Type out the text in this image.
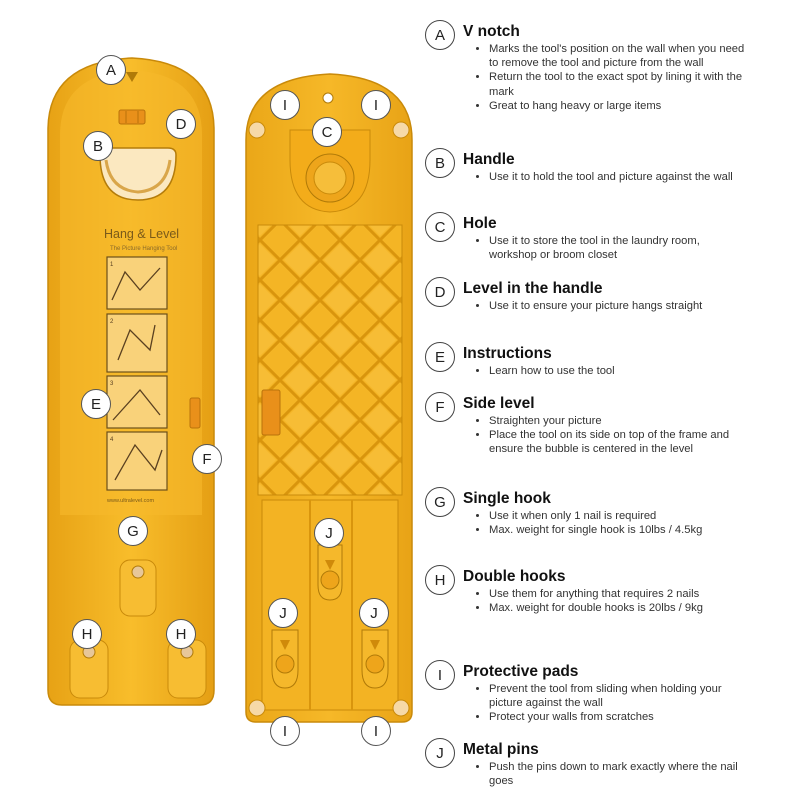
Hang & Level
The Picture Hanging Tool
1
2
3
4
www.ultralevel.com
A
B
D
E
F
G
H	H
I	I
C
J
J	J
I	I
A	V notch
• Marks the tool's position on the wall when you need to remove the tool and picture from the wall
• Return the tool to the exact spot by lining it with the mark
• Great to hang heavy or large items
B	Handle
• Use it to hold the tool and picture against the wall
C	Hole
• Use it to store the tool in the laundry room, workshop or broom closet
D	Level in the handle
• Use it to ensure your picture hangs straight
E	Instructions
• Learn how to use the tool
F	Side level
• Straighten your picture
• Place the tool on its side on top of the frame and ensure the bubble is centered in the level
G	Single hook
• Use it when only 1 nail is required
• Max. weight for single hook is 10lbs / 4.5kg
H	Double hooks
• Use them for anything that requires 2 nails
• Max. weight for double hooks is 20lbs / 9kg
I	Protective pads
• Prevent the tool from sliding when holding your picture against the wall
• Protect your walls from scratches
J	Metal pins
• Push the pins down to mark exactly where the nail goes
